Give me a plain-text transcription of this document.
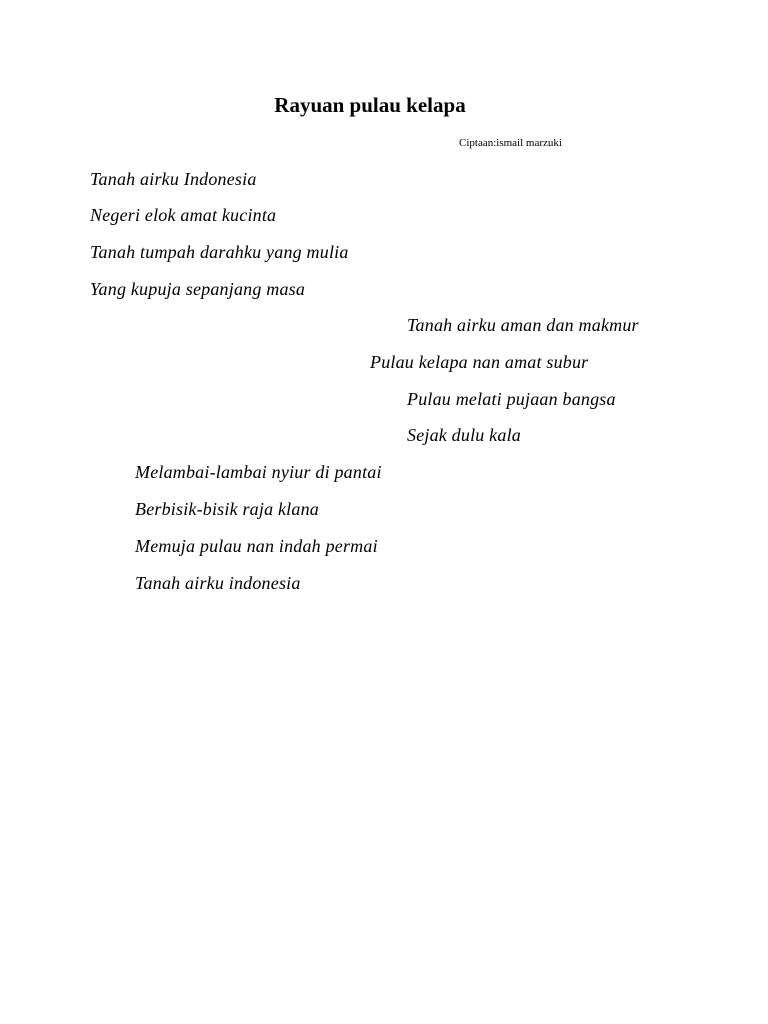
Rayuan pulau kelapa

Ciptaan:ismail marzuki

Tanah airku Indonesia

Negeri elok amat kucinta

Tanah tumpah darahku yang mulia

Yang kupuja sepanjang masa

Tanah airku aman dan makmur

Pulau kelapa nan amat subur

Pulau melati pujaan bangsa

Sejak dulu kala

Melambai-lambai nyiur di pantai

Berbisik-bisik raja klana

Memuja pulau nan indah permai

Tanah airku indonesia
